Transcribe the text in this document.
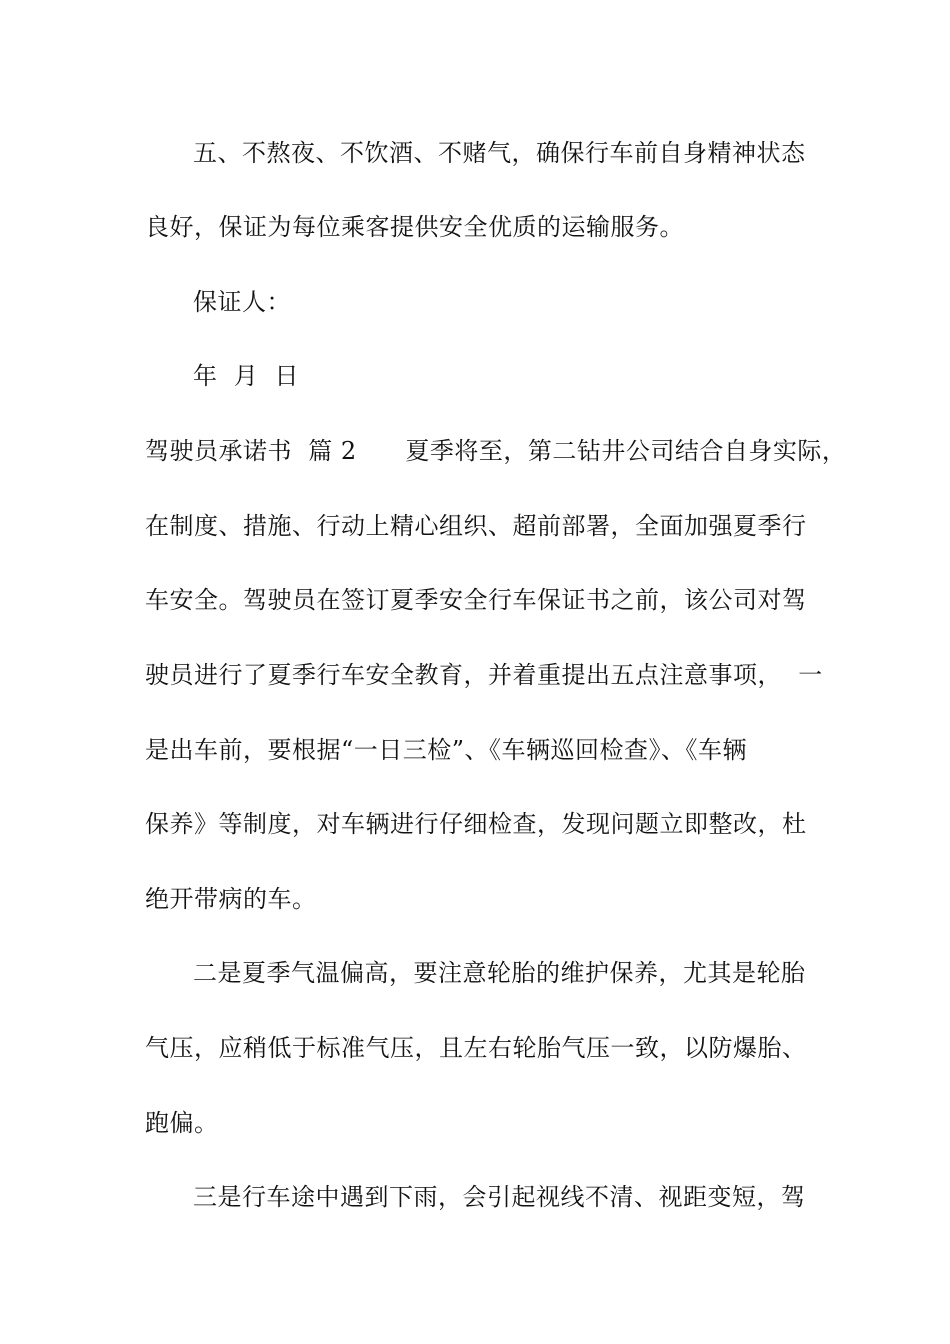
五、不熬夜、不饮酒、不赌气，确保行车前自身精神状态
良好，保证为每位乘客提供安全优质的运输服务。
保证人：
年  月  日
驾驶员承诺书  篇 2      夏季将至，第二钻井公司结合自身实际，
在制度、措施、行动上精心组织、超前部署，全面加强夏季行
车安全。驾驶员在签订夏季安全行车保证书之前，该公司对驾
驶员进行了夏季行车安全教育，并着重提出五点注意事项，  一
是出车前，要根据“一日三检”、《车辆巡回检查》、《车辆
保养》等制度，对车辆进行仔细检查，发现问题立即整改，杜
绝开带病的车。
二是夏季气温偏高，要注意轮胎的维护保养，尤其是轮胎
气压，应稍低于标准气压，且左右轮胎气压一致，以防爆胎、
跑偏。
三是行车途中遇到下雨，会引起视线不清、视距变短，驾
